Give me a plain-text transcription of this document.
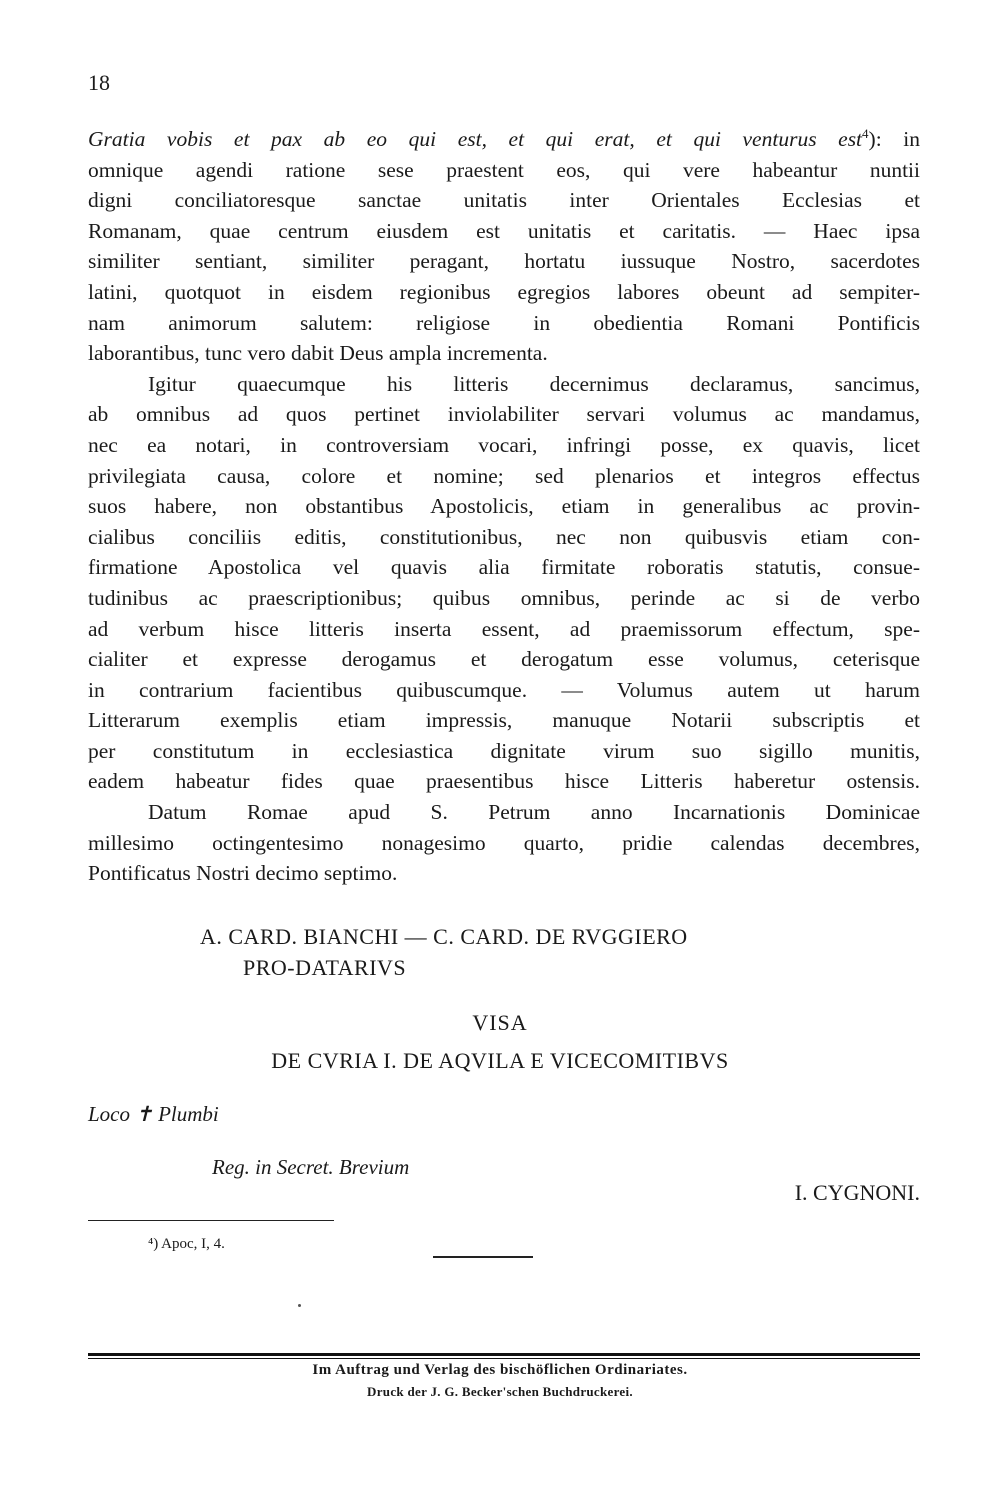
18
Gratia vobis et pax ab eo qui est, et qui erat, et qui venturus est$^4$): in
omnique agendi ratione sese praestent eos, qui vere habeantur nuntii
digni conciliatoresque sanctae unitatis inter Orientales Ecclesias et
Romanam, quae centrum eiusdem est unitatis et caritatis. — Haec ipsa
similiter sentiant, similiter peragant, hortatu iussuque Nostro, sacerdotes
latini, quotquot in eisdem regionibus egregios labores obeunt ad sempiter-
nam animorum salutem: religiose in obedientia Romani Pontificis
laborantibus, tunc vero dabit Deus ampla incrementa.
Igitur quaecumque his litteris decernimus declaramus, sancimus,
ab omnibus ad quos pertinet inviolabiliter servari volumus ac mandamus,
nec ea notari, in controversiam vocari, infringi posse, ex quavis, licet
privilegiata causa, colore et nomine; sed plenarios et integros effectus
suos habere, non obstantibus Apostolicis, etiam in generalibus ac provin-
cialibus conciliis editis, constitutionibus, nec non quibusvis etiam con-
firmatione Apostolica vel quavis alia firmitate roboratis statutis, consue-
tudinibus ac praescriptionibus; quibus omnibus, perinde ac si de verbo
ad verbum hisce litteris inserta essent, ad praemissorum effectum, spe-
cialiter et expresse derogamus et derogatum esse volumus, ceterisque
in contrarium facientibus quibuscumque. — Volumus autem ut harum
Litterarum exemplis etiam impressis, manuque Notarii subscriptis et
per constitutum in ecclesiastica dignitate virum suo sigillo munitis,
eadem habeatur fides quae praesentibus hisce Litteris haberetur ostensis.
Datum Romae apud S. Petrum anno Incarnationis Dominicae
millesimo octingentesimo nonagesimo quarto, pridie calendas decembres,
Pontificatus Nostri decimo septimo.
A. CARD. BIANCHI — C. CARD. DE RVGGIERO
PRO-DATARIVS
VISA
DE CVRIA I. DE AQVILA E VICECOMITIBVS
Loco ✝ Plumbi
Reg. in Secret. Brevium
I. CYGNONI.
⁴) Apoc, I, 4.
Im Auftrag und Verlag des bischöflichen Ordinariates.
Druck der J. G. Becker'schen Buchdruckerei.
